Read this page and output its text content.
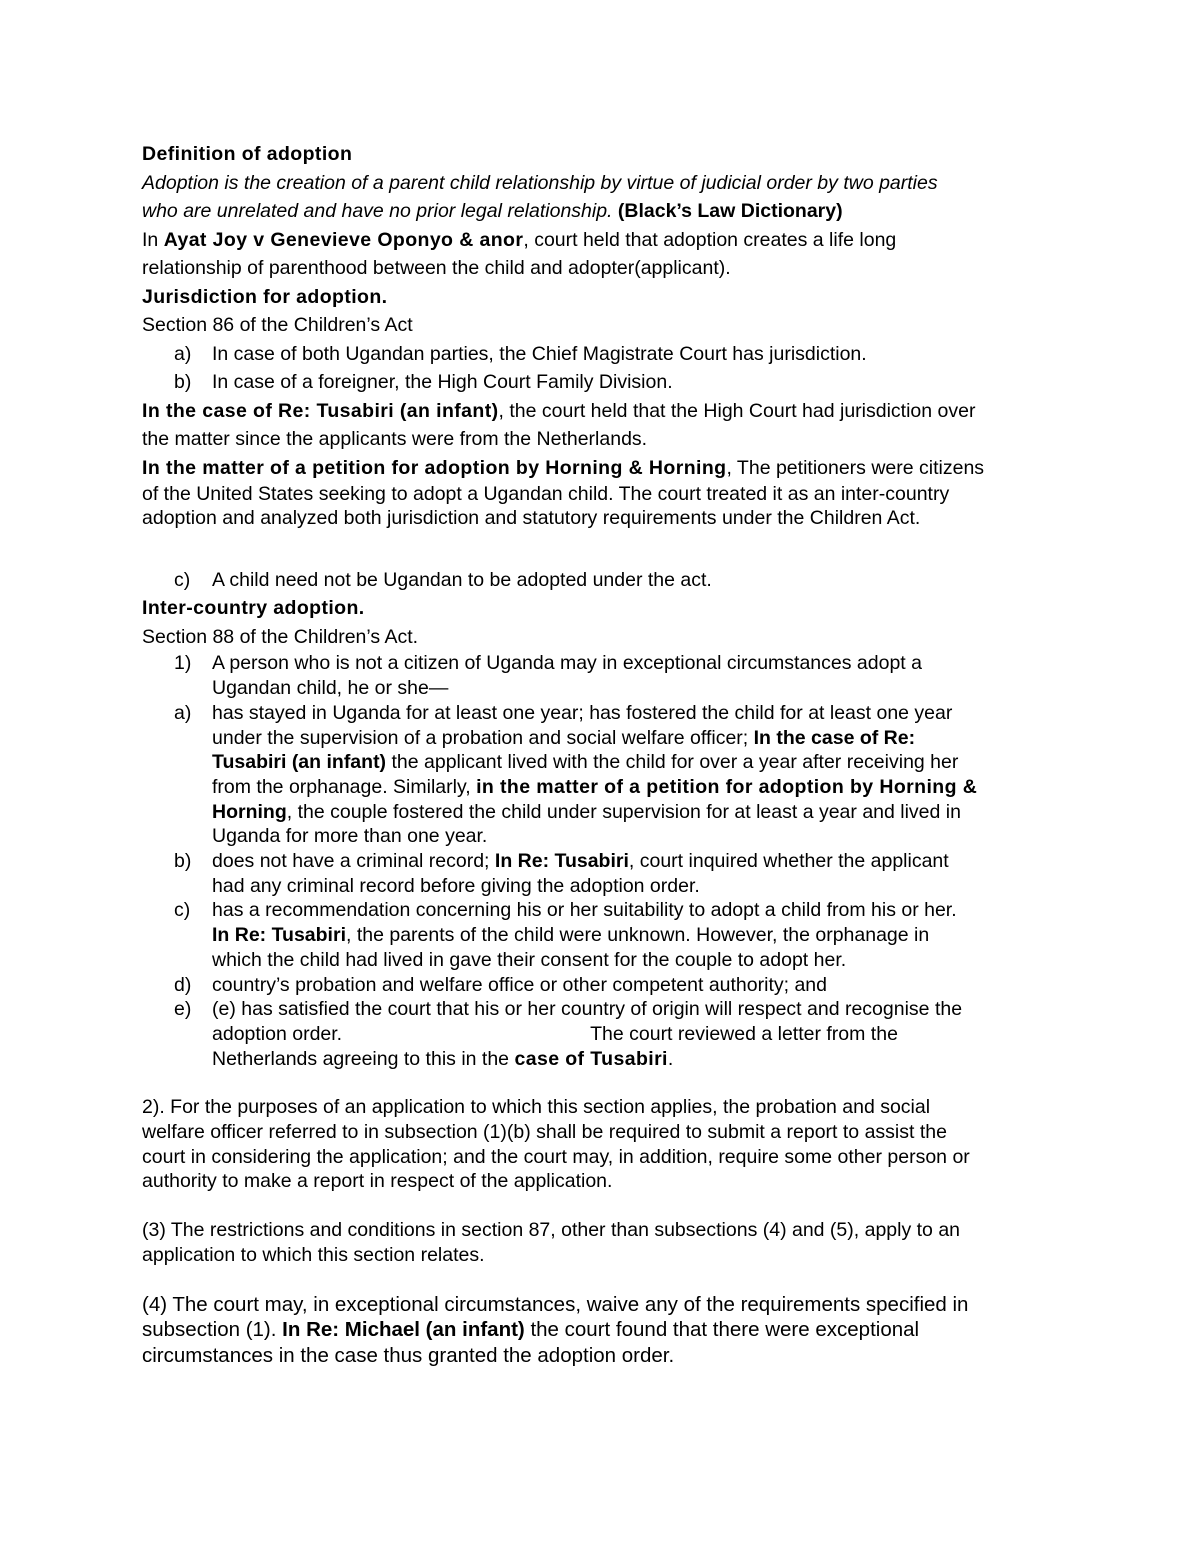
Definition of adoption
Adoption is the creation of a parent child relationship by virtue of judicial order by two parties
who are unrelated and have no prior legal relationship. (Black’s Law Dictionary)
In Ayat Joy v Genevieve Oponyo & anor, court held that adoption creates a life long
relationship of parenthood between the child and adopter(applicant).
Jurisdiction for adoption.
Section 86 of the Children’s Act
a) In case of both Ugandan parties, the Chief Magistrate Court has jurisdiction.
b) In case of a foreigner, the High Court Family Division.
In the case of Re: Tusabiri (an infant), the court held that the High Court had jurisdiction over
the matter since the applicants were from the Netherlands.
In the matter of a petition for adoption by Horning & Horning, The petitioners were citizens
of the United States seeking to adopt a Ugandan child. The court treated it as an inter-country
adoption and analyzed both jurisdiction and statutory requirements under the Children Act.
c) A child need not be Ugandan to be adopted under the act.
Inter-country adoption.
Section 88 of the Children’s Act.
1) A person who is not a citizen of Uganda may in exceptional circumstances adopt a
Ugandan child, he or she—
a) has stayed in Uganda for at least one year; has fostered the child for at least one year
under the supervision of a probation and social welfare officer; In the case of Re:
Tusabiri (an infant) the applicant lived with the child for over a year after receiving her
from the orphanage. Similarly, in the matter of a petition for adoption by Horning &
Horning, the couple fostered the child under supervision for at least a year and lived in
Uganda for more than one year.
b) does not have a criminal record; In Re: Tusabiri, court inquired whether the applicant
had any criminal record before giving the adoption order.
c) has a recommendation concerning his or her suitability to adopt a child from his or her.
In Re: Tusabiri, the parents of the child were unknown. However, the orphanage in
which the child had lived in gave their consent for the couple to adopt her.
d) country’s probation and welfare office or other competent authority; and
e) (e) has satisfied the court that his or her country of origin will respect and recognise the
adoption order.	The court reviewed a letter from the
Netherlands agreeing to this in the case of Tusabiri.
2). For the purposes of an application to which this section applies, the probation and social
welfare officer referred to in subsection (1)(b) shall be required to submit a report to assist the
court in considering the application; and the court may, in addition, require some other person or
authority to make a report in respect of the application.
(3) The restrictions and conditions in section 87, other than subsections (4) and (5), apply to an
application to which this section relates.
(4) The court may, in exceptional circumstances, waive any of the requirements specified in
subsection (1). In Re: Michael (an infant) the court found that there were exceptional
circumstances in the case thus granted the adoption order.
